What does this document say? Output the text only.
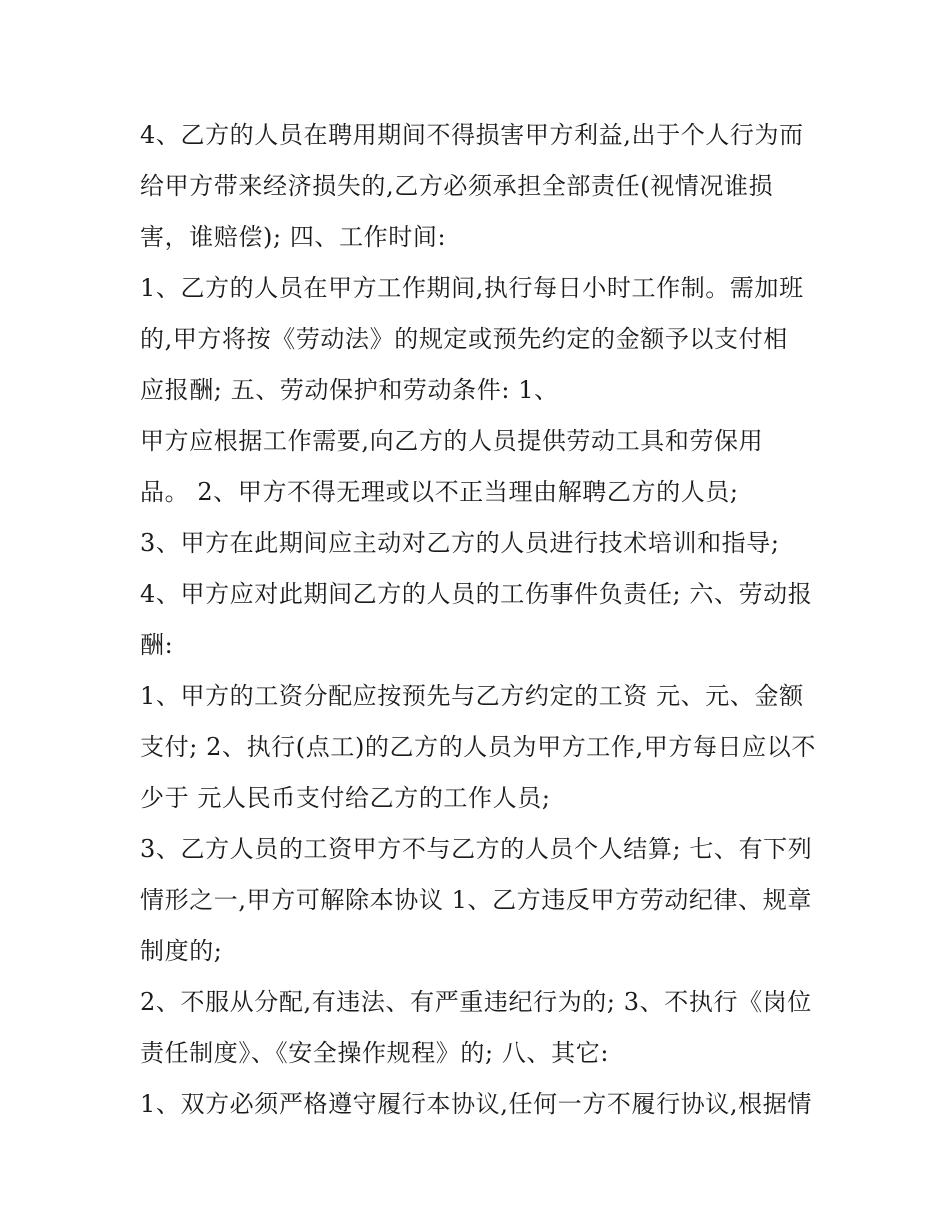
4、乙方的人员在聘用期间不得损害甲方利益,出于个人行为而
给甲方带来经济损失的,乙方必须承担全部责任(视情况谁损
害，谁赔偿); 四、工作时间:
1、乙方的人员在甲方工作期间,执行每日小时工作制。需加班
的,甲方将按《劳动法》的规定或预先约定的金额予以支付相
应报酬; 五、劳动保护和劳动条件: 1、
甲方应根据工作需要,向乙方的人员提供劳动工具和劳保用
品。 2、甲方不得无理或以不正当理由解聘乙方的人员;
3、甲方在此期间应主动对乙方的人员进行技术培训和指导;
4、甲方应对此期间乙方的人员的工伤事件负责任; 六、劳动报
酬:
1、甲方的工资分配应按预先与乙方约定的工资 元、元、金额
支付; 2、执行(点工)的乙方的人员为甲方工作,甲方每日应以不
少于 元人民币支付给乙方的工作人员;
3、乙方人员的工资甲方不与乙方的人员个人结算; 七、有下列
情形之一,甲方可解除本协议 1、乙方违反甲方劳动纪律、规章
制度的;
2、不服从分配,有违法、有严重违纪行为的; 3、不执行《岗位
责任制度》、《安全操作规程》的; 八、其它:
1、双方必须严格遵守履行本协议,任何一方不履行协议,根据情
